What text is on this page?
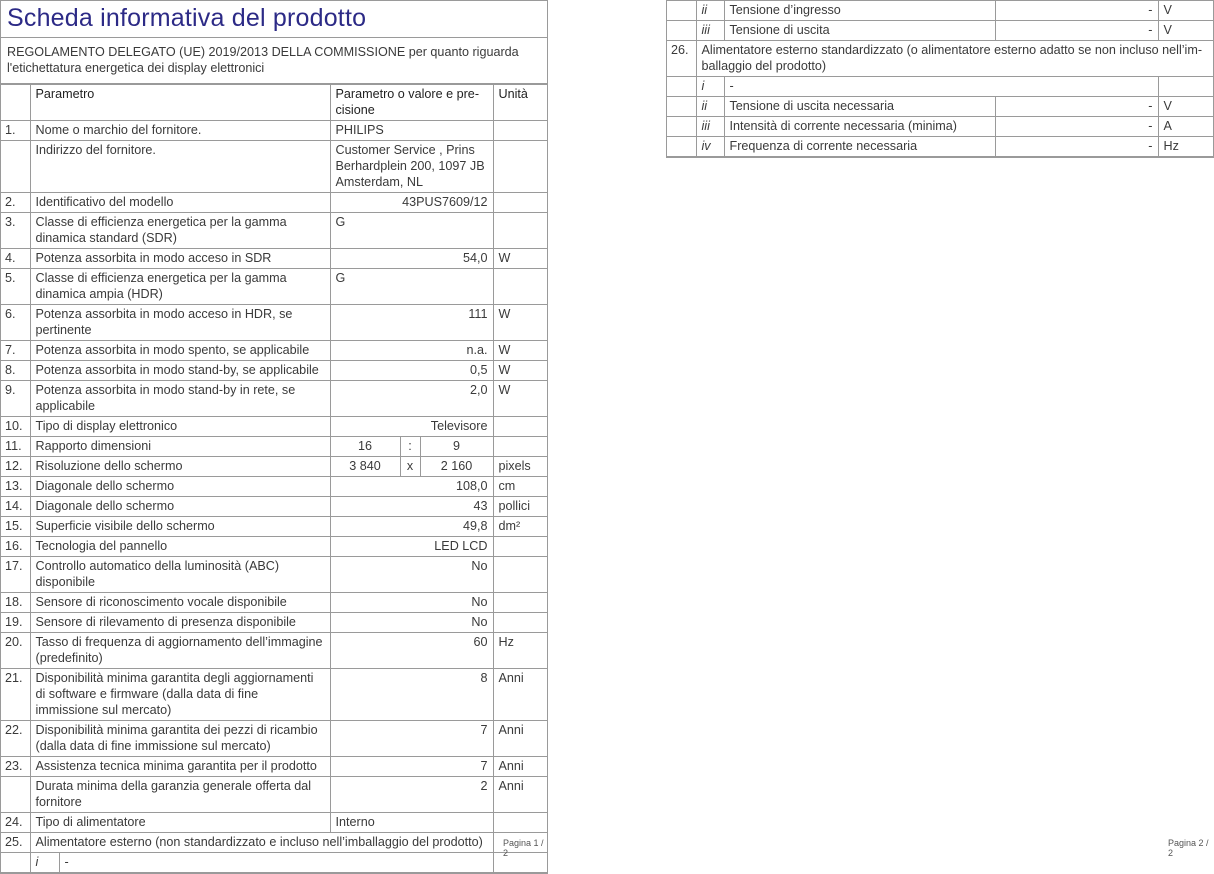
Scheda informativa del prodotto
REGOLAMENTO DELEGATO (UE) 2019/2013 DELLA COMMISSIONE per quanto riguarda l'etichettatura energetica dei display elettronici
	Parametro	Parametro o valore e precisione	Unità
1.	Nome o marchio del fornitore.	PHILIPS	
	Indirizzo del fornitore.	Customer Service , Prins Berhardplein 200, 1097 JB Amsterdam, NL	
2.	Identificativo del modello	43PUS7609/12	
3.	Classe di efficienza energetica per la gamma dinamica standard (SDR)	G	
4.	Potenza assorbita in modo acceso in SDR	54,0	W
5.	Classe di efficienza energetica per la gamma dinamica ampia (HDR)	G	
6.	Potenza assorbita in modo acceso in HDR, se pertinente	111	W
7.	Potenza assorbita in modo spento, se applicabile	n.a.	W
8.	Potenza assorbita in modo stand-by, se applicabile	0,5	W
9.	Potenza assorbita in modo stand-by in rete, se applicabile	2,0	W
10.	Tipo di display elettronico	Televisore	
11.	Rapporto dimensioni	16	:	9	
12.	Risoluzione dello schermo	3 840	x	2 160	pixels
13.	Diagonale dello schermo	108,0	cm
14.	Diagonale dello schermo	43	pollici
15.	Superficie visibile dello schermo	49,8	dm²
16.	Tecnologia del pannello	LED LCD	
17.	Controllo automatico della luminosità (ABC) disponibile	No	
18.	Sensore di riconoscimento vocale disponibile	No	
19.	Sensore di rilevamento di presenza disponibile	No	
20.	Tasso di frequenza di aggiornamento dell’immagine (predefinito)	60	Hz
21.	Disponibilità minima garantita degli aggiornamenti di software e firmware (dalla data di fine immissione sul mercato)	8	Anni
22.	Disponibilità minima garantita dei pezzi di ricambio (dalla data di fine immissione sul mercato)	7	Anni
23.	Assistenza tecnica minima garantita per il prodotto	7	Anni
	Durata minima della garanzia generale offerta dal fornitore	2	Anni
24.	Tipo di alimentatore	Interno	
25.	Alimentatore esterno (non standardizzato e incluso nell’imballaggio del prodotto)	

i	-

Pagina 1 / 2
	ii	Tensione d’ingresso	-	V
	iii	Tensione di uscita	-	V
26.	Alimentatore esterno standardizzato (o alimentatore esterno adatto se non incluso nell’imballaggio del prodotto)			
	i	-		
	ii	Tensione di uscita necessaria	-	V
	iii	Intensità di corrente necessaria (minima)	-	A
	iv	Frequenza di corrente necessaria	-	Hz
Pagina 2 / 2
